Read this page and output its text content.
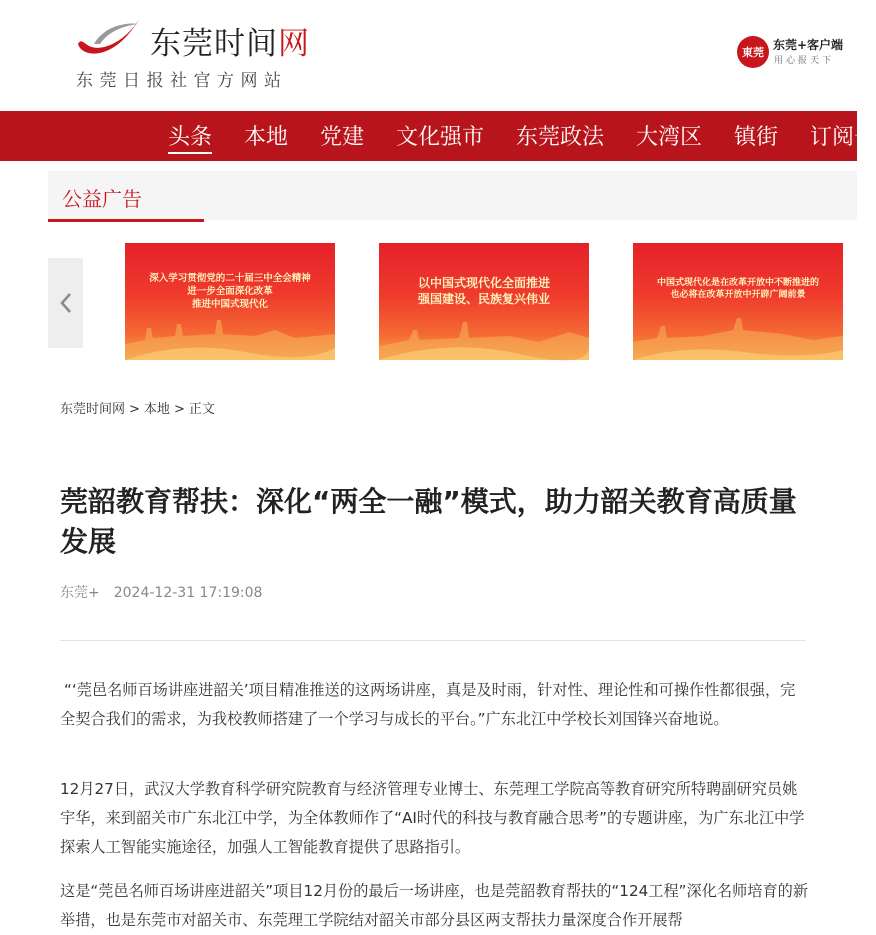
东莞时间网
东莞日报社官方网站
東莞
东莞+客户端
用心报天下
头条 本地 党建 文化强市 东莞政法 大湾区 镇街 订阅号
公益广告
深入学习贯彻党的二十届三中全会精神
进一步全面深化改革
推进中国式现代化
以中国式现代化全面推进
强国建设、民族复兴伟业
中国式现代化是在改革开放中不断推进的
也必将在改革开放中开辟广阔前景
东莞时间网 > 本地 > 正文
莞韶教育帮扶：深化“两全一融”模式，助力韶关教育高质量发展
东莞+ 2024-12-31 17:19:08

“‘莞邑名师百场讲座进韶关’项目精准推送的这两场讲座，真是及时雨，针对性、理论性和可操作性都很强，完全契合我们的需求，为我校教师搭建了一个学习与成长的平台。”广东北江中学校长刘国锋兴奋地说。

12月27日，武汉大学教育科学研究院教育与经济管理专业博士、东莞理工学院高等教育研究所特聘副研究员姚宇华，来到韶关市广东北江中学，为全体教师作了“AI时代的科技与教育融合思考”的专题讲座，为广东北江中学探索人工智能实施途径，加强人工智能教育提供了思路指引。

这是“莞邑名师百场讲座进韶关”项目12月份的最后一场讲座，也是莞韶教育帮扶的“124工程”深化名师培育的新举措，也是东莞市对韶关市、东莞理工学院结对韶关市部分县区两支帮扶力量深度合作开展帮
